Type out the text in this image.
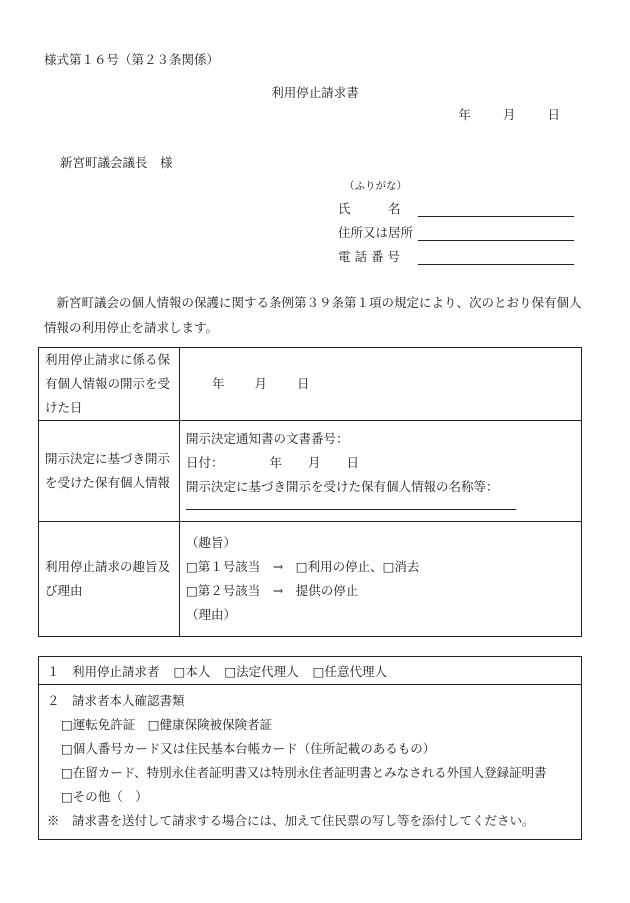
様式第１６号（第２３条関係）
利用停止請求書
年	月	日
新宮町議会議長　様
（ふりがな）
氏　　　名
住所又は居所
電 話 番 号
　新宮町議会の個人情報の保護に関する条例第３９条第１項の規定により、次のとおり保有個人情報の利用停止を請求します。
利用停止請求に係る保有個人情報の開示を受けた日	年 月 日

開示決定に基づき開示を受けた保有個人情報	開示決定通知書の文書番号：
日付： 年 月 日
開示決定に基づき開示を受けた保有個人情報の名称等：

利用停止請求の趣旨及び理由	（趣旨）
□第１号該当　→　□利用の停止、□消去
□第２号該当　→　提供の停止
（理由）
１　利用停止請求者 □本人 □法定代理人 □任意代理人
２　請求者本人確認書類
□運転免許証　□健康保険被保険者証
□個人番号カード又は住民基本台帳カード（住所記載のあるもの）
□在留カード、特別永住者証明書又は特別永住者証明書とみなされる外国人登録証明書
□その他（　）
※　請求書を送付して請求する場合には、加えて住民票の写し等を添付してください。
